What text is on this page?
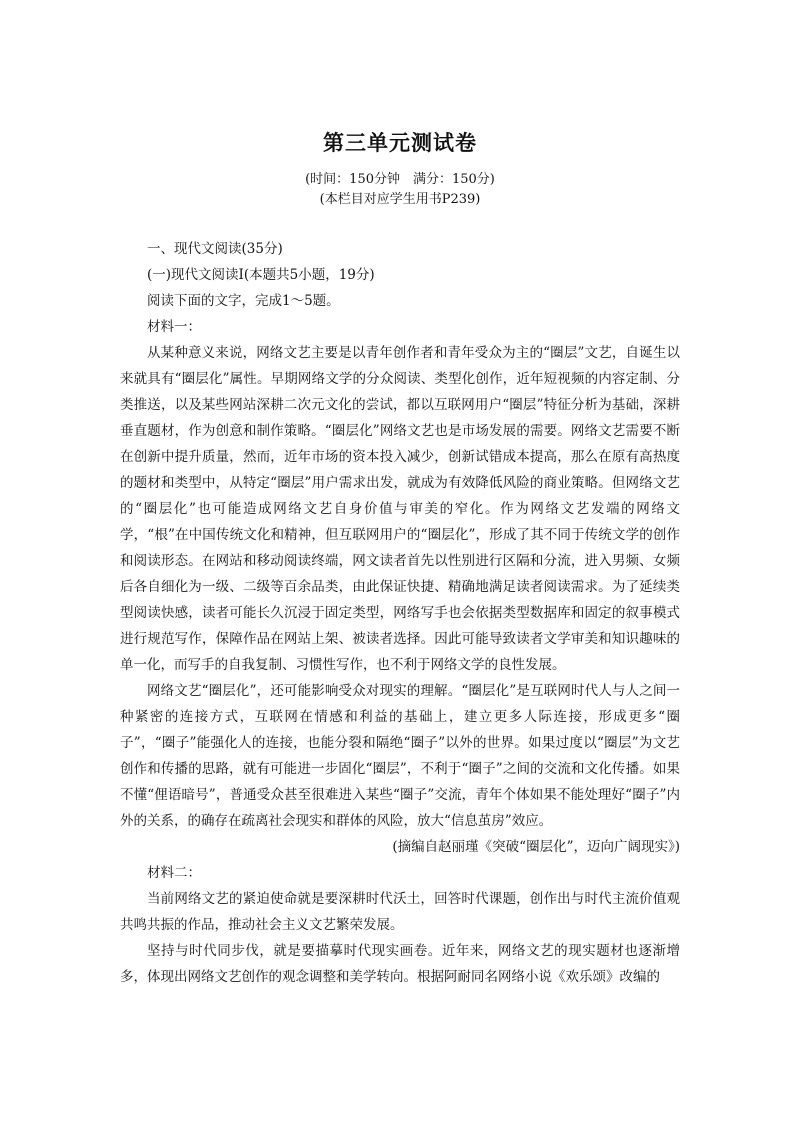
第三单元测试卷

(时间：150分钟　满分：150分)

(本栏目对应学生用书P239)

一、现代文阅读(35分)

(一)现代文阅读Ⅰ(本题共5小题，19分)

阅读下面的文字，完成1～5题。

材料一：

从某种意义来说，网络文艺主要是以青年创作者和青年受众为主的“圈层”文艺，自诞生以来就具有“圈层化”属性。早期网络文学的分众阅读、类型化创作，近年短视频的内容定制、分类推送，以及某些网站深耕二次元文化的尝试，都以互联网用户“圈层”特征分析为基础，深耕垂直题材，作为创意和制作策略。“圈层化”网络文艺也是市场发展的需要。网络文艺需要不断在创新中提升质量，然而，近年市场的资本投入减少，创新试错成本提高，那么在原有高热度的题材和类型中，从特定“圈层”用户需求出发，就成为有效降低风险的商业策略。但网络文艺的“圈层化”也可能造成网络文艺自身价值与审美的窄化。作为网络文艺发端的网络文学，“根”在中国传统文化和精神，但互联网用户的“圈层化”，形成了其不同于传统文学的创作和阅读形态。在网站和移动阅读终端，网文读者首先以性别进行区隔和分流，进入男频、女频后各自细化为一级、二级等百余品类，由此保证快捷、精确地满足读者阅读需求。为了延续类型阅读快感，读者可能长久沉浸于固定类型，网络写手也会依据类型数据库和固定的叙事模式进行规范写作，保障作品在网站上架、被读者选择。因此可能导致读者文学审美和知识趣味的单一化，而写手的自我复制、习惯性写作，也不利于网络文学的良性发展。

网络文艺“圈层化”，还可能影响受众对现实的理解。“圈层化”是互联网时代人与人之间一种紧密的连接方式，互联网在情感和利益的基础上，建立更多人际连接，形成更多“圈子”，“圈子”能强化人的连接，也能分裂和隔绝“圈子”以外的世界。如果过度以“圈层”为文艺创作和传播的思路，就有可能进一步固化“圈层”，不利于“圈子”之间的交流和文化传播。如果不懂“俚语暗号”，普通受众甚至很难进入某些“圈子”交流，青年个体如果不能处理好“圈子”内外的关系，的确存在疏离社会现实和群体的风险，放大“信息茧房”效应。

(摘编自赵丽瑾《突破“圈层化”，迈向广阔现实》)

材料二：

当前网络文艺的紧迫使命就是要深耕时代沃土，回答时代课题，创作出与时代主流价值观共鸣共振的作品，推动社会主义文艺繁荣发展。

坚持与时代同步伐，就是要描摹时代现实画卷。近年来，网络文艺的现实题材也逐渐增多，体现出网络文艺创作的观念调整和美学转向。根据阿耐同名网络小说《欢乐颂》改编的
